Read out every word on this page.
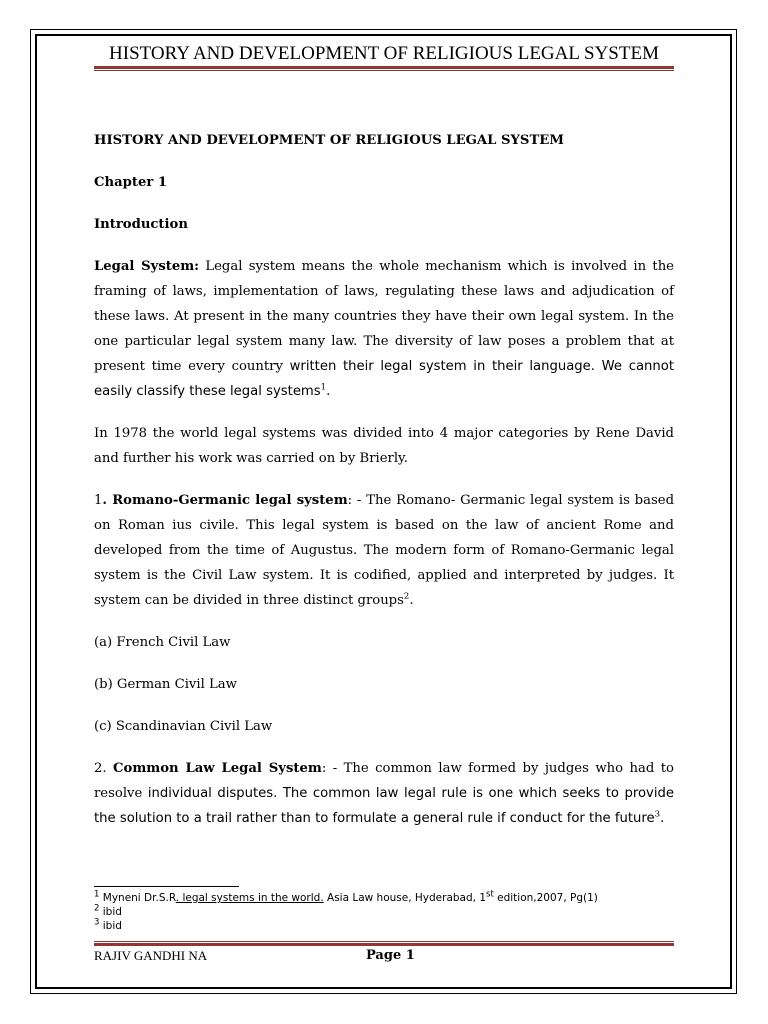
HISTORY AND DEVELOPMENT OF RELIGIOUS LEGAL SYSTEM

HISTORY AND DEVELOPMENT OF RELIGIOUS LEGAL SYSTEM

Chapter 1

Introduction

Legal System: Legal system means the whole mechanism which is involved in the framing of laws, implementation of laws, regulating these laws and adjudication of these laws. At present in the many countries they have their own legal system. In the one particular legal system many law. The diversity of law poses a problem that at present time every country written their legal system in their language. We cannot easily classify these legal systems$^1$.

In 1978 the world legal systems was divided into 4 major categories by Rene David and further his work was carried on by Brierly.

1. Romano-Germanic legal system: - The Romano- Germanic legal system is based on Roman ius civile. This legal system is based on the law of ancient Rome and developed from the time of Augustus. The modern form of Romano-Germanic legal system is the Civil Law system. It is codified, applied and interpreted by judges. It system can be divided in three distinct groups$^2$.

(a) French Civil Law

(b) German Civil Law

(c) Scandinavian Civil Law

2. Common Law Legal System: - The common law formed by judges who had to resolve individual disputes. The common law legal rule is one which seeks to provide the solution to a trail rather than to formulate a general rule if conduct for the future$^3$.

$^1$ Myneni Dr.S.R. legal systems in the world. Asia Law house, Hyderabad, 1st edition,2007, Pg(1)
$^2$ ibid
$^3$ ibid
RAJIV GANDHI NA	Page 1
